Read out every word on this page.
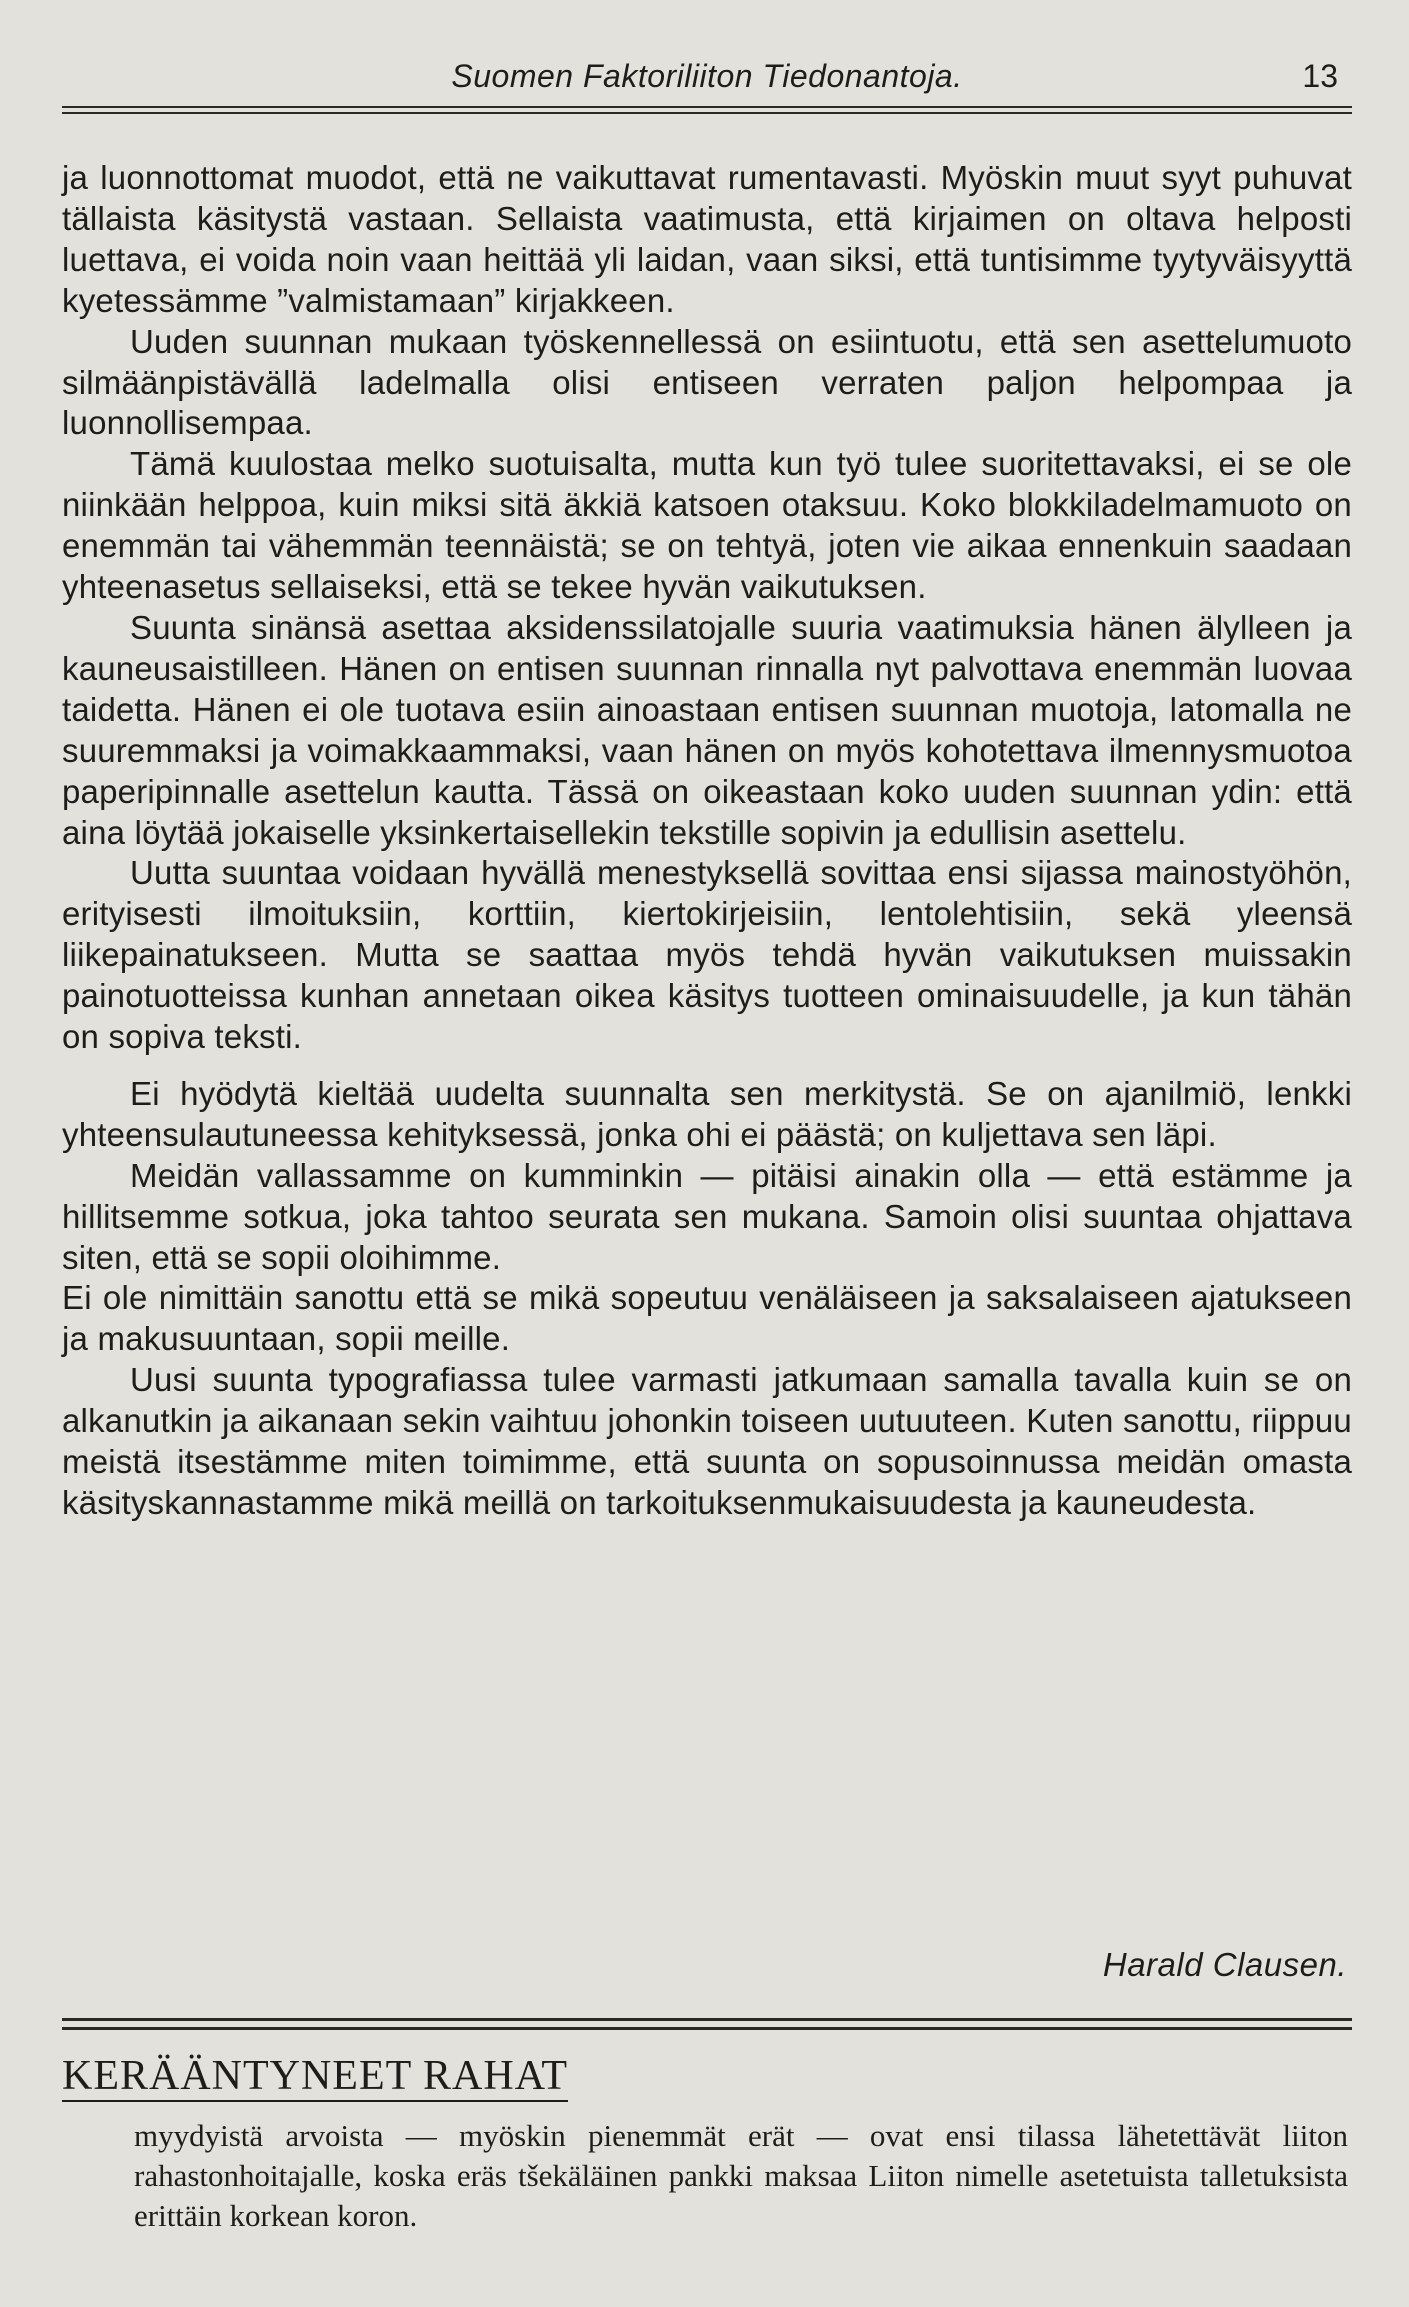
Suomen Faktoriliiton Tiedonantoja.	13

ja luonnottomat muodot, että ne vaikuttavat rumentavasti. Myöskin muut syyt puhuvat tällaista käsitystä vastaan. Sellaista vaatimusta, että kirjaimen on oltava helposti luettava, ei voida noin vaan heittää yli laidan, vaan siksi, että tuntisimme tyytyväisyyttä kyetessämme ”valmistamaan” kirjakkeen.

Uuden suunnan mukaan työskennellessä on esiintuotu, että sen asettelumuoto silmäänpistävällä ladelmalla olisi entiseen verraten paljon helpompaa ja luonnollisempaa.

Tämä kuulostaa melko suotuisalta, mutta kun työ tulee suoritettavaksi, ei se ole niinkään helppoa, kuin miksi sitä äkkiä katsoen otaksuu. Koko blokkiladelmamuoto on enemmän tai vähemmän teennäistä; se on tehtyä, joten vie aikaa ennenkuin saadaan yhteenasetus sellaiseksi, että se tekee hyvän vaikutuksen.

Suunta sinänsä asettaa aksidenssilatojalle suuria vaatimuksia hänen älylleen ja kauneusaistilleen. Hänen on entisen suunnan rinnalla nyt palvottava enemmän luovaa taidetta. Hänen ei ole tuotava esiin ainoastaan entisen suunnan muotoja, latomalla ne suuremmaksi ja voimakkaammaksi, vaan hänen on myös kohotettava ilmennysmuotoa paperipinnalle asettelun kautta. Tässä on oikeastaan koko uuden suunnan ydin: että aina löytää jokaiselle yksinkertaisellekin tekstille sopivin ja edullisin asettelu.

Uutta suuntaa voidaan hyvällä menestyksellä sovittaa ensi sijassa mainostyöhön, erityisesti ilmoituksiin, korttiin, kiertokirjeisiin, lentolehtisiin, sekä yleensä liikepainatukseen. Mutta se saattaa myös tehdä hyvän vaikutuksen muissakin painotuotteissa kunhan annetaan oikea käsitys tuotteen ominaisuudelle, ja kun tähän on sopiva teksti.

Ei hyödytä kieltää uudelta suunnalta sen merkitystä. Se on ajanilmiö, lenkki yhteensulautuneessa kehityksessä, jonka ohi ei päästä; on kuljettava sen läpi.

Meidän vallassamme on kumminkin — pitäisi ainakin olla — että estämme ja hillitsemme sotkua, joka tahtoo seurata sen mukana. Samoin olisi suuntaa ohjattava siten, että se sopii oloihimme.

Ei ole nimittäin sanottu että se mikä sopeutuu venäläiseen ja saksalaiseen ajatukseen ja makusuuntaan, sopii meille.

Uusi suunta typografiassa tulee varmasti jatkumaan samalla tavalla kuin se on alkanutkin ja aikanaan sekin vaihtuu johonkin toiseen uutuuteen. Kuten sanottu, riippuu meistä itsestämme miten toimimme, että suunta on sopusoinnussa meidän omasta käsityskannastamme mikä meillä on tarkoituksenmukaisuudesta ja kauneudesta.

Harald Clausen.
KERÄÄNTYNEET RAHAT

myydyistä arvoista — myöskin pienemmät erät — ovat ensi tilassa lähetettävät liiton rahastonhoitajalle, koska eräs tšekäläinen pankki maksaa Liiton nimelle asetetuista talletuksista erittäin korkean koron.
